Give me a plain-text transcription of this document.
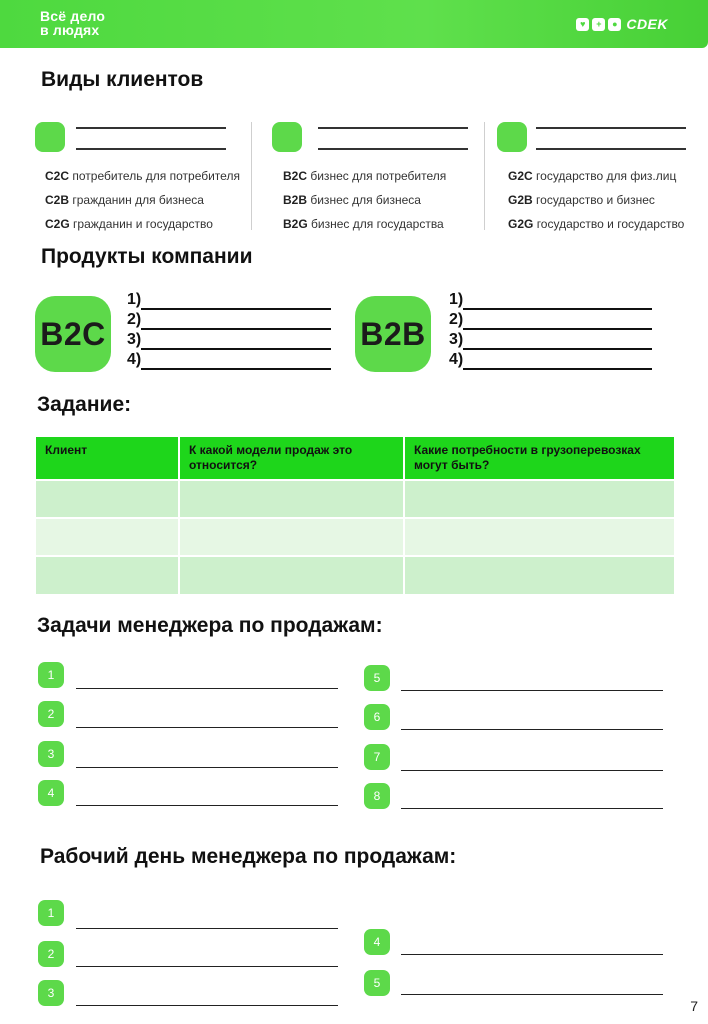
Всё дело
в людях	♥	+	● CDEK
Виды клиентов
C2C потребитель для потребителя
C2B гражданин для бизнеса
C2G гражданин и государство
B2C бизнес для потребителя
B2B бизнес для бизнеса
B2G бизнес для государства
G2C государство для физ.лиц
G2B государство и бизнес
G2G государство и государство
Продукты компании
B2C
1)
2)
3)
4)
B2B
1)
2)
3)
4)
Задание:
Клиент	К какой модели продаж это относится?	Какие потребности в грузоперевозках могут быть?

Задачи менеджера по продажам:
1
2
3
4
5
6
7
8
Рабочий день менеджера по продажам:
1
2
3
4
5
7
